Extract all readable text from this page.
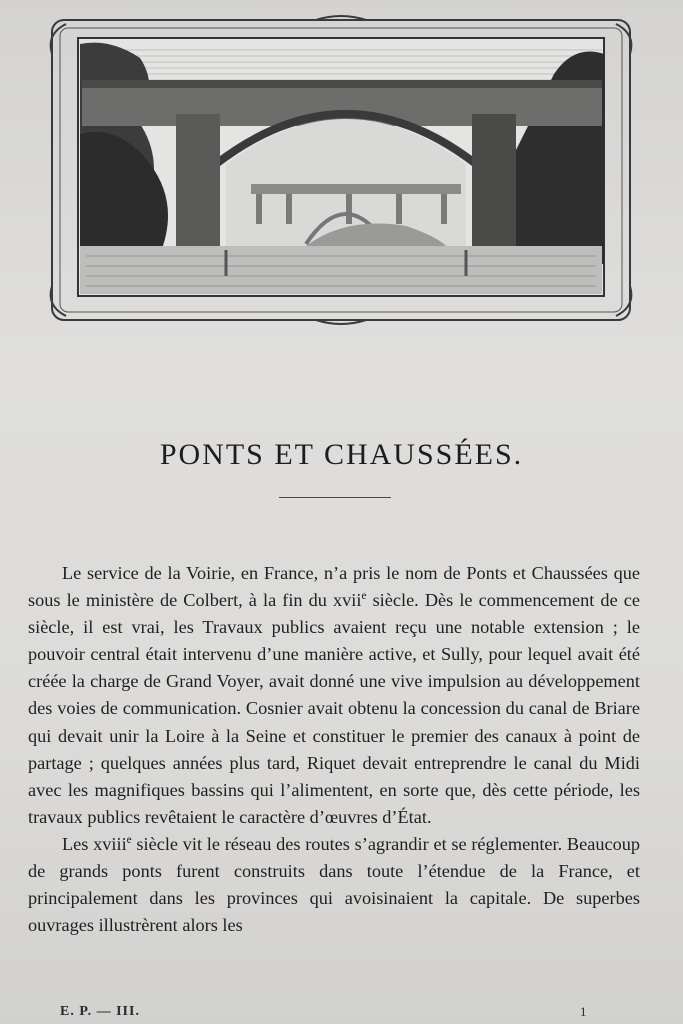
PONTS ET CHAUSSÉES.

Le service de la Voirie, en France, n’a pris le nom de Ponts et Chaussées que sous le ministère de Colbert, à la fin du xvii$^e$ siècle. Dès le commencement de ce siècle, il est vrai, les Travaux publics avaient reçu une notable extension ; le pouvoir central était intervenu d’une manière active, et Sully, pour lequel avait été créée la charge de Grand Voyer, avait donné une vive impulsion au développement des voies de communication. Cosnier avait obtenu la concession du canal de Briare qui devait unir la Loire à la Seine et constituer le premier des canaux à point de partage ; quelques années plus tard, Riquet devait entreprendre le canal du Midi avec les magnifiques bassins qui l’alimentent, en sorte que, dès cette période, les travaux publics revêtaient le caractère d’œuvres d’État.

Les xviii$^e$ siècle vit le réseau des routes s’agrandir et se réglementer. Beaucoup de grands ponts furent construits dans toute l’étendue de la France, et principalement dans les provinces qui avoisinaient la capitale. De superbes ouvrages illustrèrent alors les

E. P. — III.	1
